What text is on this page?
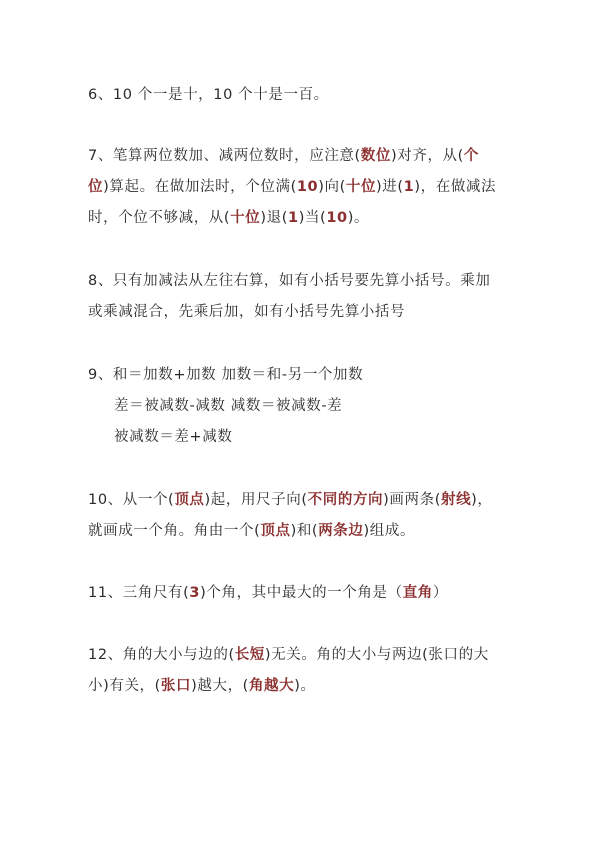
6、10 个一是十，10 个十是一百。
7、笔算两位数加、减两位数时，应注意(数位)对齐，从(个
位)算起。在做加法时，个位满(10)向(十位)进(1)，在做减法
时，个位不够减，从(十位)退(1)当(10)。
8、只有加减法从左往右算，如有小括号要先算小括号。乘加
或乘减混合，先乘后加，如有小括号先算小括号
9、和＝加数+加数 加数＝和-另一个加数
差＝被减数-减数 减数＝被减数-差
被减数＝差+减数
10、从一个(顶点)起，用尺子向(不同的方向)画两条(射线)，
就画成一个角。角由一个(顶点)和(两条边)组成。
11、三角尺有(3)个角，其中最大的一个角是（直角）
12、角的大小与边的(长短)无关。角的大小与两边(张口的大
小)有关，(张口)越大，(角越大)。
